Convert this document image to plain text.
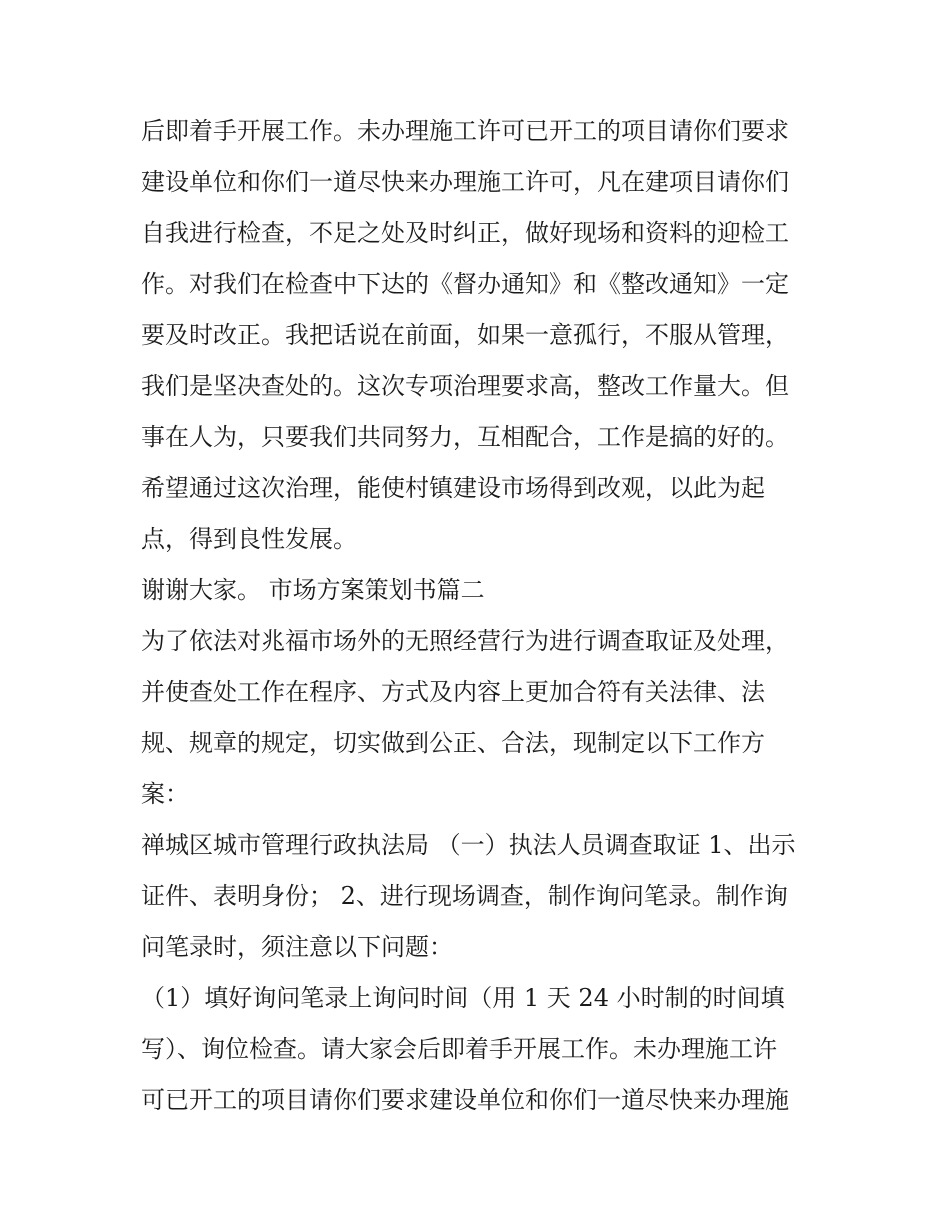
后即着手开展工作。未办理施工许可已开工的项目请你们要求
建设单位和你们一道尽快来办理施工许可，凡在建项目请你们
自我进行检查，不足之处及时纠正，做好现场和资料的迎检工
作。对我们在检查中下达的《督办通知》和《整改通知》一定
要及时改正。我把话说在前面，如果一意孤行，不服从管理，
我们是坚决查处的。这次专项治理要求高，整改工作量大。但
事在人为，只要我们共同努力，互相配合，工作是搞的好的。
希望通过这次治理，能使村镇建设市场得到改观，以此为起
点，得到良性发展。
谢谢大家。 市场方案策划书篇二
为了依法对兆福市场外的无照经营行为进行调查取证及处理，
并使查处工作在程序、方式及内容上更加合符有关法律、法
规、规章的规定，切实做到公正、合法，现制定以下工作方
案：
禅城区城市管理行政执法局 （一）执法人员调查取证 1、出示
证件、表明身份； 2、进行现场调查，制作询问笔录。制作询
问笔录时，须注意以下问题：
（1）填好询问笔录上询问时间（用 1 天 24 小时制的时间填
写）、询位检查。请大家会后即着手开展工作。未办理施工许
可已开工的项目请你们要求建设单位和你们一道尽快来办理施
